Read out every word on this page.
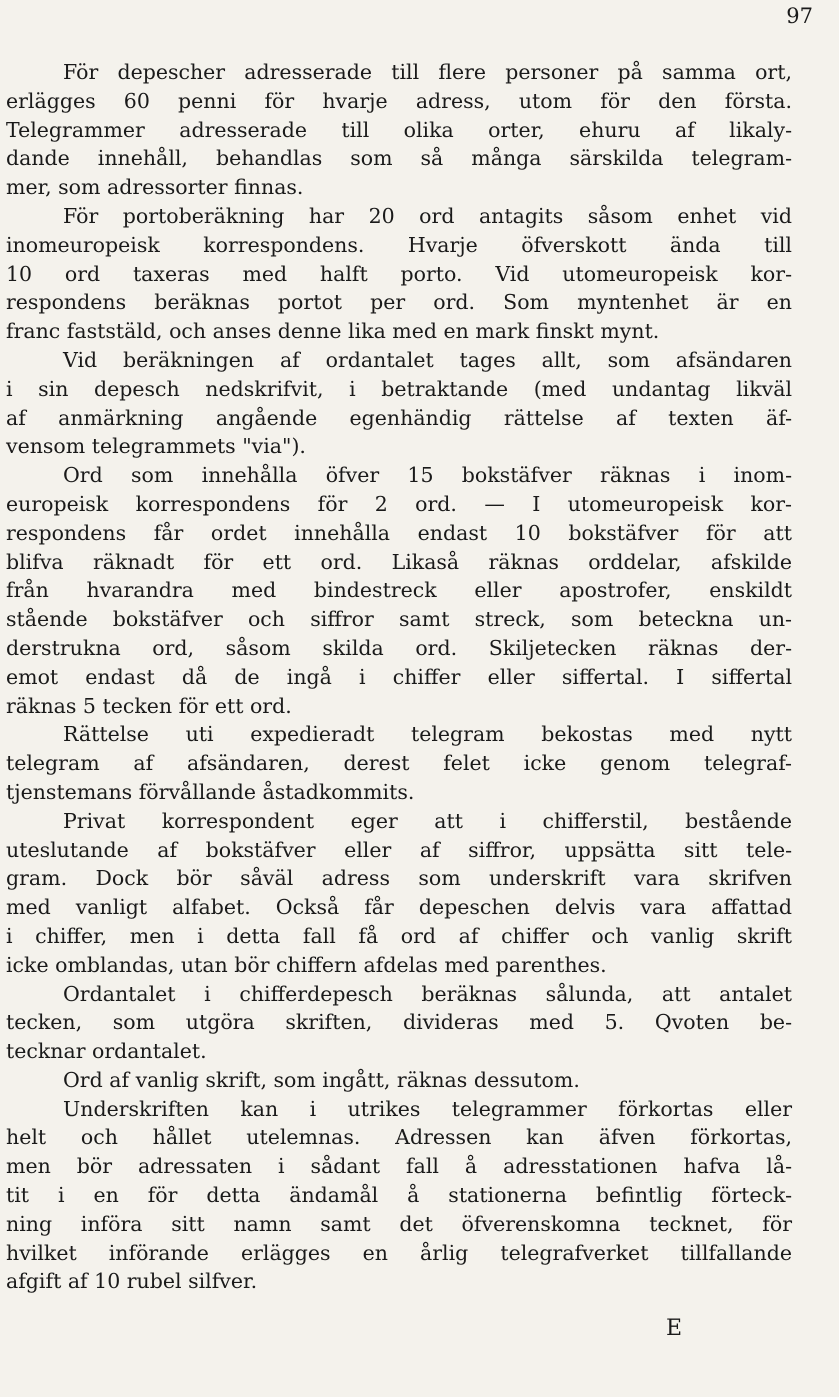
97

För depescher adresserade till flere personer på samma ort,
erlägges 60 penni för hvarje adress, utom för den första.
Telegrammer adresserade till olika orter, ehuru af likaly-
dande innehåll, behandlas som så många särskilda telegram-
mer, som adressorter finnas.
För portoberäkning har 20 ord antagits såsom enhet vid
inomeuropeisk korrespondens. Hvarje öfverskott ända till
10 ord taxeras med halft porto. Vid utomeuropeisk kor-
respondens beräknas portot per ord. Som myntenhet är en
franc faststäld, och anses denne lika med en mark finskt mynt.
Vid beräkningen af ordantalet tages allt, som afsändaren
i sin depesch nedskrifvit, i betraktande (med undantag likväl
af anmärkning angående egenhändig rättelse af texten äf-
vensom telegrammets "via").
Ord som innehålla öfver 15 bokstäfver räknas i inom-
europeisk korrespondens för 2 ord. — I utomeuropeisk kor-
respondens får ordet innehålla endast 10 bokstäfver för att
blifva räknadt för ett ord. Likaså räknas orddelar, afskilde
från hvarandra med bindestreck eller apostrofer, enskildt
stående bokstäfver och siffror samt streck, som beteckna un-
derstrukna ord, såsom skilda ord. Skiljetecken räknas der-
emot endast då de ingå i chiffer eller siffertal. I siffertal
räknas 5 tecken för ett ord.
Rättelse uti expedieradt telegram bekostas med nytt
telegram af afsändaren, derest felet icke genom telegraf-
tjenstemans förvållande åstadkommits.
Privat korrespondent eger att i chifferstil, bestående
uteslutande af bokstäfver eller af siffror, uppsätta sitt tele-
gram. Dock bör såväl adress som underskrift vara skrifven
med vanligt alfabet. Också får depeschen delvis vara affattad
i chiffer, men i detta fall få ord af chiffer och vanlig skrift
icke omblandas, utan bör chiffern afdelas med parenthes.
Ordantalet i chifferdepesch beräknas sålunda, att antalet
tecken, som utgöra skriften, divideras med 5. Qvoten be-
tecknar ordantalet.
Ord af vanlig skrift, som ingått, räknas dessutom.
Underskriften kan i utrikes telegrammer förkortas eller
helt och hållet utelemnas. Adressen kan äfven förkortas,
men bör adressaten i sådant fall å adresstationen hafva lå-
tit i en för detta ändamål å stationerna befintlig förteck-
ning införa sitt namn samt det öfverenskomna tecknet, för
hvilket införande erlägges en årlig telegrafverket tillfallande
afgift af 10 rubel silfver.

E
